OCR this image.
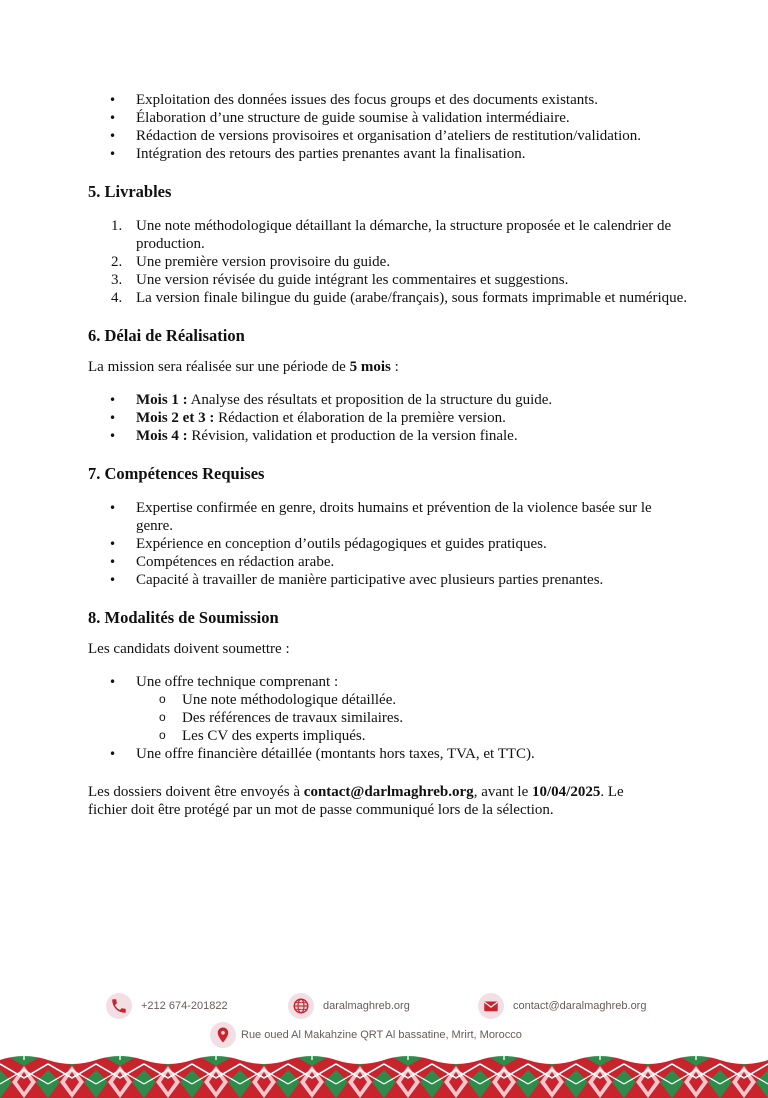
• Exploitation des données issues des focus groups et des documents existants.
• Élaboration d’une structure de guide soumise à validation intermédiaire.
• Rédaction de versions provisoires et organisation d’ateliers de restitution/validation.
• Intégration des retours des parties prenantes avant la finalisation.
5. Livrables
1. Une note méthodologique détaillant la démarche, la structure proposée et le calendrier de production.
2. Une première version provisoire du guide.
3. Une version révisée du guide intégrant les commentaires et suggestions.
4. La version finale bilingue du guide (arabe/français), sous formats imprimable et numérique.
6. Délai de Réalisation

La mission sera réalisée sur une période de 5 mois :

• Mois 1 : Analyse des résultats et proposition de la structure du guide.
• Mois 2 et 3 : Rédaction et élaboration de la première version.
• Mois 4 : Révision, validation et production de la version finale.
7. Compétences Requises
• Expertise confirmée en genre, droits humains et prévention de la violence basée sur le genre.
• Expérience en conception d’outils pédagogiques et guides pratiques.
• Compétences en rédaction arabe.
• Capacité à travailler de manière participative avec plusieurs parties prenantes.
8. Modalités de Soumission

Les candidats doivent soumettre :

• Une offre technique comprenant :
o Une note méthodologique détaillée.
o Des références de travaux similaires.
o Les CV des experts impliqués.
• Une offre financière détaillée (montants hors taxes, TVA, et TTC).

Les dossiers doivent être envoyés à contact@darlmaghreb.org, avant le 10/04/2025. Le fichier doit être protégé par un mot de passe communiqué lors de la sélection.

+212 674-201822	daralmaghreb.org	contact@daralmaghreb.org
Rue oued Al Makahzine QRT Al bassatine, Mrirt, Morocco
